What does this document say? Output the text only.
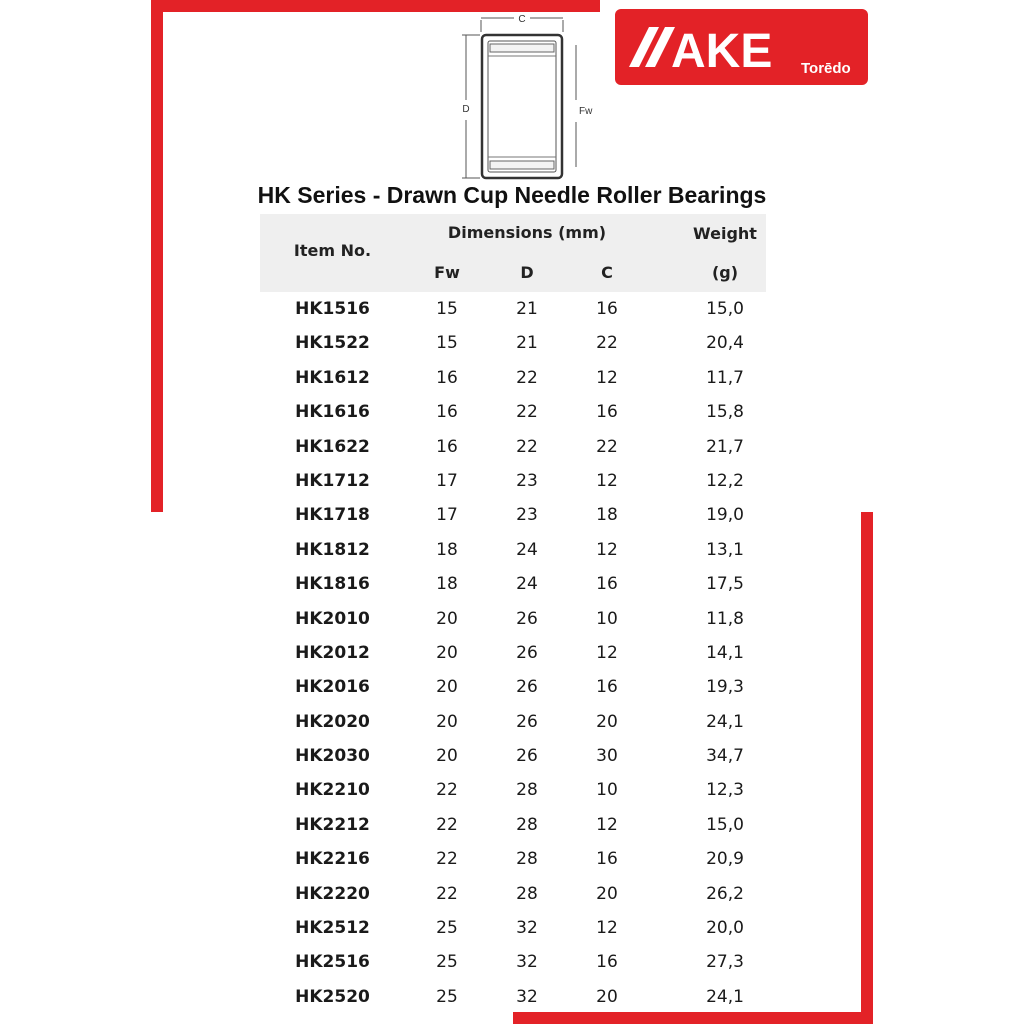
AKE Torēdo
C
D	Fw
HK Series - Drawn Cup Needle Roller Bearings
Item No.
Dimensions (mm)	Weight
Fw	D	C	(g)
HK1516	15	21	16	15,0
HK1522	15	21	22	20,4
HK1612	16	22	12	11,7
HK1616	16	22	16	15,8
HK1622	16	22	22	21,7
HK1712	17	23	12	12,2
HK1718	17	23	18	19,0
HK1812	18	24	12	13,1
HK1816	18	24	16	17,5
HK2010	20	26	10	11,8
HK2012	20	26	12	14,1
HK2016	20	26	16	19,3
HK2020	20	26	20	24,1
HK2030	20	26	30	34,7
HK2210	22	28	10	12,3
HK2212	22	28	12	15,0
HK2216	22	28	16	20,9
HK2220	22	28	20	26,2
HK2512	25	32	12	20,0
HK2516	25	32	16	27,3
HK2520	25	32	20	24,1
